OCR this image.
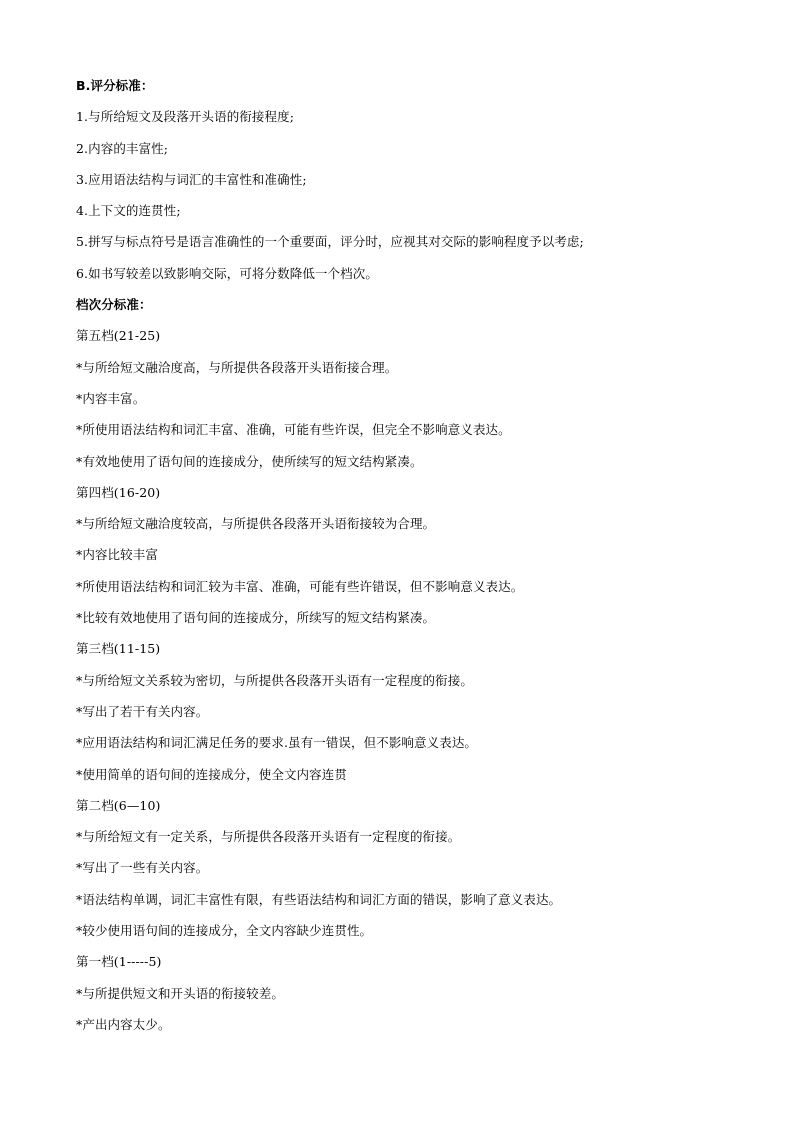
B.评分标准：
1.与所给短文及段落开头语的衔接程度;
2.内容的丰富性;
3.应用语法结构与词汇的丰富性和准确性;
4.上下文的连贯性;
5.拼写与标点符号是语言准确性的一个重要面，评分时，应视其对交际的影响程度予以考虑;
6.如书写较差以致影响交际，可将分数降低一个档次。
档次分标准：
第五档(21-25)
*与所给短文融洽度高，与所提供各段落开头语衔接合理。
*内容丰富。
*所使用语法结构和词汇丰富、准确，可能有些许误，但完全不影响意义表达。
*有效地使用了语句间的连接成分，使所续写的短文结构紧凑。
第四档(16-20)
*与所给短文融洽度较高，与所提供各段落开头语衔接较为合理。
*内容比较丰富
*所使用语法结构和词汇较为丰富、准确，可能有些许错误，但不影响意义表达。
*比较有效地使用了语句间的连接成分，所续写的短文结构紧凑。
第三档(11-15)
*与所给短文关系较为密切，与所提供各段落开头语有一定程度的衔接。
*写出了若干有关内容。
*应用语法结构和词汇满足任务的要求.虽有一错误，但不影响意义表达。
*使用简单的语句间的连接成分，使全文内容连贯
第二档(6—10)
*与所给短文有一定关系，与所提供各段落开头语有一定程度的衔接。
*写出了一些有关内容。
*语法结构单调，词汇丰富性有限，有些语法结构和词汇方面的错误，影响了意义表达。
*较少使用语句间的连接成分，全文内容缺少连贯性。
第一档(1-----5)
*与所提供短文和开头语的衔接较差。
*产出内容太少。
